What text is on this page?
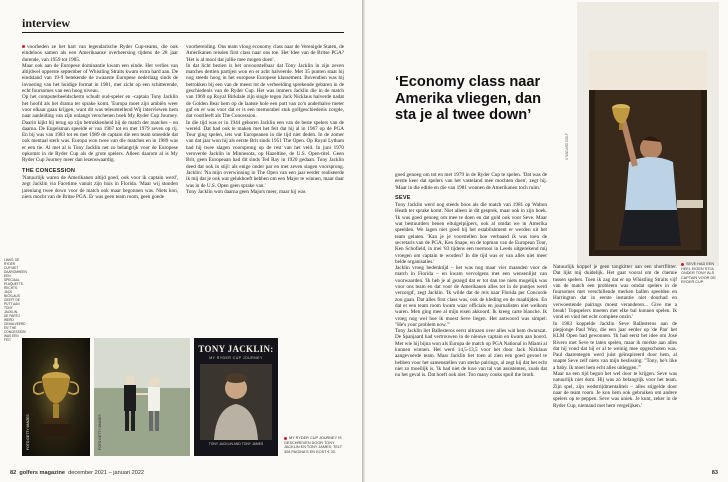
interview

voorheden ze het hart van legendarische Ryder Cup-teams, die ook eindeloos samen als een Amerikaanse overheersing tijdens de 28 jaar durende, van 1959 tot 1985.

Maar ook aan de Europese dominantie kwam een einde. Het verlies van altijdwel opperste september of Whistling Straits kwam extra hard aan. De eindstand van 19-9 betekende de zwaarste Europese nederlaag sinds de invoering van het huidige format in 1981, met zicht op een schitterende, echt foursomes van een hoog niveau.

Op het computerbeeldscherm schudt oud-speler en -captain Tony Jacklin het hoofd als het drama ter sprake komt. 'Europa moet zijn ambiën weer voor elkaar gaan krijgen, want dit was teleurstellend Wij interviewen hem naar aanleiding van zijn onlangs verschenen boek My Ryder Cup Journey. Daarin kijkt hij terug op zijn betrokkenheid bij de match der matches – en daarna. De Engelsman speelde er van 1967 tot en met 1979 zeven op rij. En bij was van 1983 tot en met 1989 de captain die een team smeedde dat ook mentaal sterk was. Europa won twee van die matches en in 1989 was er een tie. Al met al is Tony Jacklin net zo belangrijk voor de Europese opkomst in de Ryder Cup als de grote spelers. Alleen daarom al is My Ryder Cup Journey meer dan lezenswaardig.

THE CONCESSION

'Natuurlijk waren de Amerikanen altijd goed, ook voor ik captain werd', zegt Jacklin via Facetime vanuit zijn huis in Florida. 'Maar wij stonden jarenlang twee down voor de match ook maar begonnen was. Niets kon, niets mocht van de Britse PGA. Er was geen team room, geen goede

voorbereiding. Ons team vloog economy class naar de Verenigde Staten, de Amerikanen reisden first class naar ons toe. Het Idee van de Britse PGA? 'Het is al mooi dat jullie mee mogen doen'.

In dat licht bezien is het onvoorstelbaar dat Tony Jacklin in zijn zeven matches dertien partijen won en er acht halveerde. Met 35 punten staat hij nog steeds hoog in het europese Europese klassement. Bovendien was hij betrokken bij een van de meest tot de verbeelding sprekende gebaren in de geschiedenis van de Ryder Cup. Het was immers Jacklin die in de match van 1969 op Royal Birkdale zijn single tegen Jack Nicklaus halverde nadat de Golden Bear hem op de laatste hole een putt van zo'n anderhalve meter gaf en er was voor dat er is een memorabel stuk golfgeschiedenis zorgde, dat voortleeft als The Concession.

In die tijd was er in 1944 geboren Jacklin een van de beste spelers van de wereld. Dat had ook te maken met het feit dat hij al in 1967 op de PGA Tour ging spelen, iets wat Europeanen in die tijd niet deden. In de zomer van dat jaar won hij als eerste Brit sinds 1951 The Open. Op Royal Lytham had hij twee slagen voorsprong op de rest van het veld. In juni 1970 veroverde Jacklin in Minnesota, op Hazeltine, de U.S. Open-titel. Geen Brit, geen Europeaan had dit sinds Ted Ray in 1920 gedaan. Tony Jacklin deed dat ook in stijl: als enige onder par en met zeven slagen voorsprong. Jacklin: 'Na mijn overwinning in The Open van een jaar eerder realiseerde ik mij dat je ook wat gelukhoeft hebben om een Major te winnen, maar daar was in de U.S. Open geen sprake van.'

Tony Jacklin won daarna geen Majors meer, maar hij was

FOTO GETTY IMAGES	FOTO GETTY IMAGES
TONY JACKLIN:
MY RYDER CUP JOURNEY
TONY JACKLIN AND TONY JAMES
MY RYDER CUP JOURNEY IS GESCHREVEN DOOR TONY JACKLIN EN TONY JAMES, TELT 328 PAGINA'S EN KOST € 30.
82 golfers magazine december 2021 – januari 2022
LINKS: DE RYDER CUP MET DAAROMHEEN EEN SPECIAAL PLAQUETTE. RECHTS: JACK NICKLAUS GEEFT DE PUTT AAN TONY JACKLIN. DE PARTIJ WERD GEHALVEERD EN 'THE CONCESSION' WAS EEN FEIT.
‘Economy class naar Amerika vliegen, dan sta je al twee down’
STANDARD GOLF

goed genoeg om tot en met 1979 in de Ryder Cup te spelen. 'Dat was de eerste keer dat spelers van het vasteland mee mochten doen', zegt hij. 'Maar in die editie en die van 1981 wonnen de Amerikanen toch ruim.'

SEVE

Tony Jacklin werd nog steeds boos als die match van 1981 op Walton Heath ter sprake komt. Niet alleen in dit gesprek, maar ook in zijn boek. 'Ik was goed genoeg om mee te doen en dat gold ook voor Seve. Maar wat bestuurders benen eltuigelpijpers, ook al omdat we in Amerika speelden. We lagen niet goed bij het establishment er werden uit het team gelaten. 'Kan je je voorstellen hoe verbaasd ik was toen de secretaris van de PGA, Ken Snape, en de topman van de European Tour, Ken Schofield, in mei '83 tijdens een toernooi in Leeds uitgerekend mij vroegen om captain te worden? In die tijd was er van alles niet meer belde organisaties.'

Jacklin vroeg bedenktijd – het was nog maar vier maanden voor de match in Florida – en kwam vervolgens met een wensenlijst van voorwaarden. 'Ik heb je al gezegd dat er tot dan toe niets mogelijk was voor ons team en dat voor de Amerikanen alles tot in de puntjes werd verzorgd', zegt Jacklin. 'Ik wilde dat de reis naar Florida per Concorde zou gaan. Dat alles first class was, ook de kleding en de maaltijden. En dat er een team room kwam waar officials en journalisten niet welkom waren. Men ging mee al mijn eisen akkoord. Ik kreeg carte blanche. Ik vroeg nog wel hoe ik moest Seve liegen. Het antwoord was simpel: "He's your problem now."'

Tony Jacklin liet Ballesteros eerst uitrazen over alles wat hem dwarszat. De Spanjaard had vertrouwen in de nieuwe captain en kwam aan boord. Met wie hij bijna won als Europa de match op PGA National in Miami al kunnen winnen. Het werd 14,5-13,5 voor het door Jack Nicklaus aangevoerde team. Maar Jacklin liet toen al zien een goed gevoel te hebben voor het samenstellen van sterke pairings, al zegt hij dat het echt niet zo moeilijk is. 'Ik had niet de luxe van tal van assistenten, zoals dat nu het geval is. Dat hoeft ook niet. Too many cooks spoil the broth.

Natuurlijk koppel je geen tongkitter aan een shortflitter. Dat lijkt mij duidelijk. Het gaat vooral om de chemie tussen spelers. Toen ik zag dat er op Whistling Straits vijf van de match een probleem was omdat spelers in de foursomes met verschillende merken ballen speelden en Harrington dat in eerste instantie niet doorhad en verwoestende pairings moest veranderen... Give me a break! Topspelers moeten met elke bal kunnen spelen. Ik vond en vind het echt complete onzin.'

In 1983 koppelde Jacklin Seve Ballesteros aan de piepjonge Paul Way, die een jaar eerder op 'de Pan' het KLM Open had gewonnen. 'Ik had eerst het idee om José Rivero met Seve te laten spelen, maar ik merkte aan alles dat hij vond dat hij er al te weinig mee opgeschoten was. Paul daarentegen werd juist geïnspireerd door hem, al snapte Seve zelf niets van mijn beslissing: "Tony, he's like a baby. Ik moet hem echt alles uitleggen."'

Maar na een tijd begon het wel door te krijgen. Seve was natuurlijk niet dom. Hij was zó belangrijk voor het team. Zijn spel, zijn wedstrijdmentaliteit – alles stijgelde door naar de team room. Je kon hem ook gebruiken om andere spelers op te peppen. Seve was uniek. Je kunt, zeker in de Ryder Cup, niemand met hem vergelijken.'

SEVE HAD EEN HEEL EIGEN STIJL ONDER TONY ALS CAPTAIN VOOR DE RYDER CUP.
83
